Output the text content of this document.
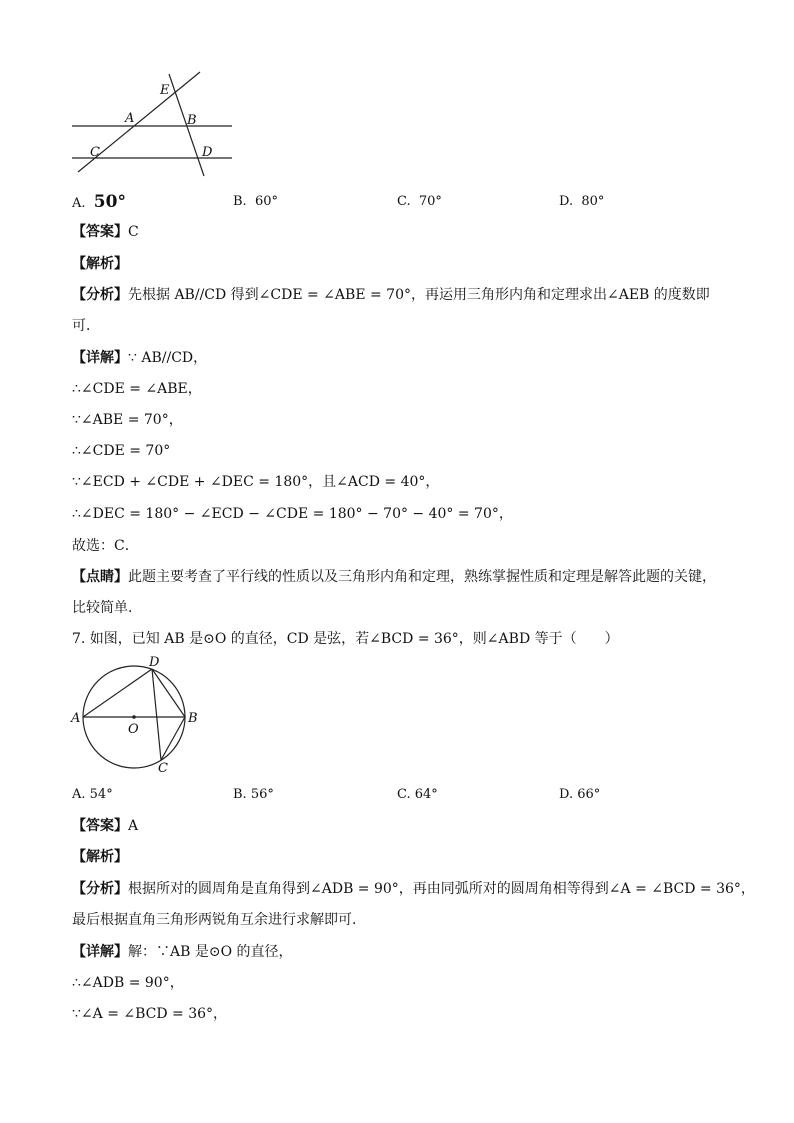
E
A	B
C	D
A. 50°	B. 60°	C. 70°	D. 80°
【答案】C
【解析】
【分析】先根据 AB//CD 得到∠CDE = ∠ABE = 70°，再运用三角形内角和定理求出∠AEB 的度数即
可．
【详解】∵ AB//CD，
∴∠CDE = ∠ABE，
∵∠ABE = 70°，
∴∠CDE = 70°
∵∠ECD + ∠CDE + ∠DEC = 180°，且∠ACD = 40°，
∴∠DEC = 180° − ∠ECD − ∠CDE = 180° − 70° − 40° = 70°，
故选：C．
【点睛】此题主要考查了平行线的性质以及三角形内角和定理，熟练掌握性质和定理是解答此题的关键，
比较简单．
7. 如图，已知 AB 是⊙O 的直径，CD 是弦，若∠BCD = 36°，则∠ABD 等于（　　）
D
A	B
O
C
A. 54°	B. 56°	C. 64°	D. 66°
【答案】A
【解析】
【分析】根据所对的圆周角是直角得到∠ADB = 90°，再由同弧所对的圆周角相等得到∠A = ∠BCD = 36°，
最后根据直角三角形两锐角互余进行求解即可．
【详解】解：∵AB 是⊙O 的直径，
∴∠ADB = 90°，
∵∠A = ∠BCD = 36°，
